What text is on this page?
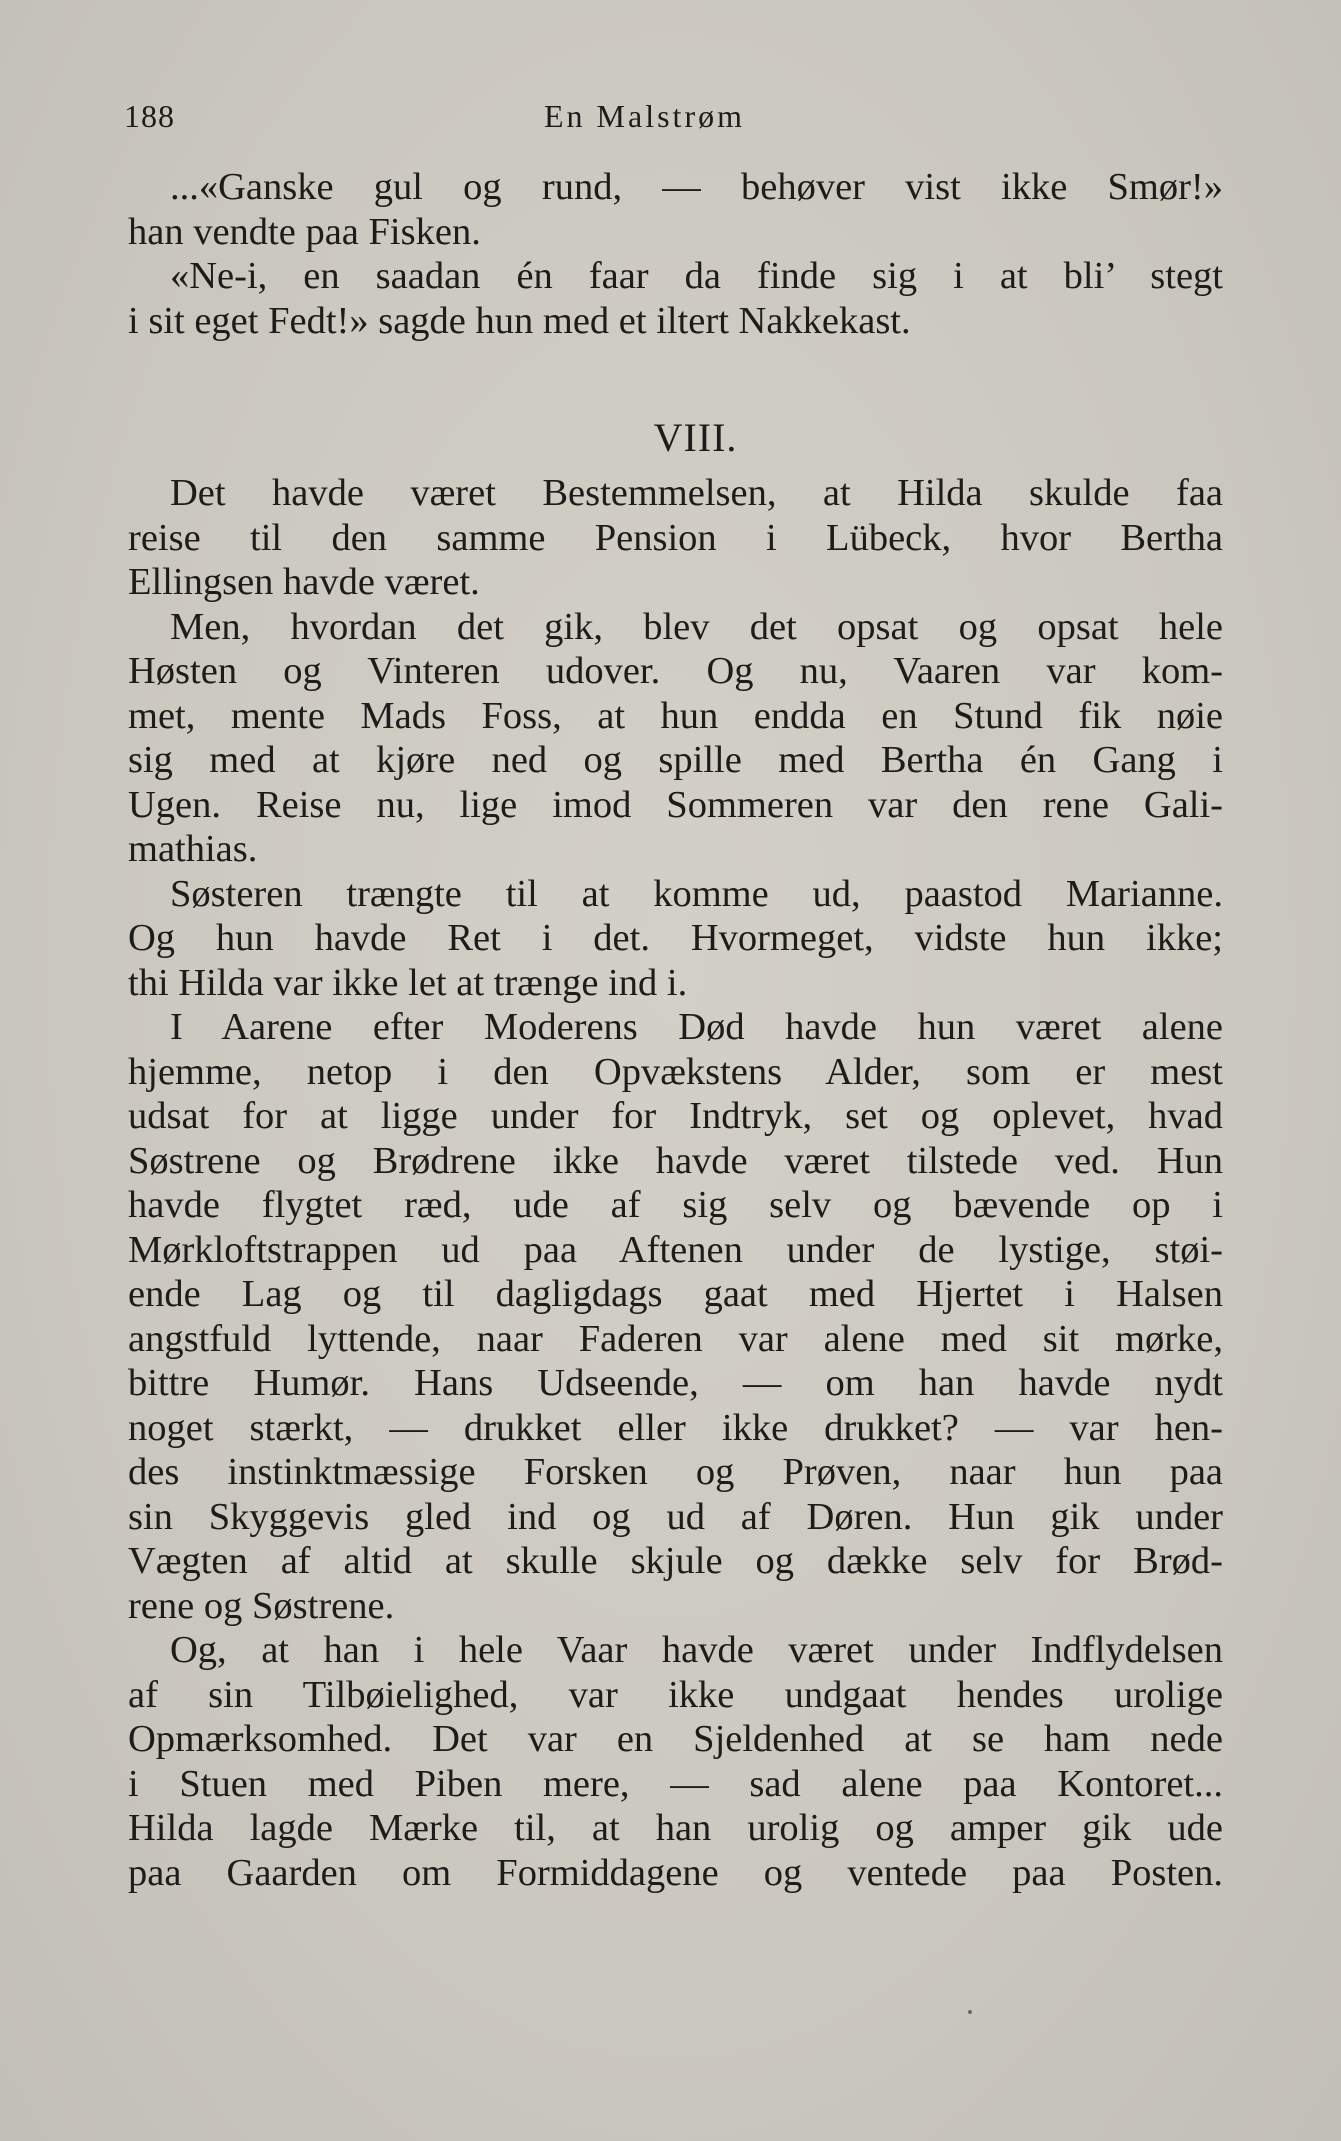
188	En Malstrøm
...«Ganske gul og rund, — behøver vist ikke Smør!»
han vendte paa Fisken.
«Ne-i, en saadan én faar da finde sig i at bli’ stegt
i sit eget Fedt!» sagde hun med et iltert Nakkekast.
VIII.
Det havde været Bestemmelsen, at Hilda skulde faa
reise til den samme Pension i Lübeck, hvor Bertha
Ellingsen havde været.
Men, hvordan det gik, blev det opsat og opsat hele
Høsten og Vinteren udover. Og nu, Vaaren var kom-
met, mente Mads Foss, at hun endda en Stund fik nøie
sig med at kjøre ned og spille med Bertha én Gang i
Ugen. Reise nu, lige imod Sommeren var den rene Gali-
mathias.
Søsteren trængte til at komme ud, paastod Marianne.
Og hun havde Ret i det. Hvormeget, vidste hun ikke;
thi Hilda var ikke let at trænge ind i.
I Aarene efter Moderens Død havde hun været alene
hjemme, netop i den Opvækstens Alder, som er mest
udsat for at ligge under for Indtryk, set og oplevet, hvad
Søstrene og Brødrene ikke havde været tilstede ved. Hun
havde flygtet ræd, ude af sig selv og bævende op i
Mørkloftstrappen ud paa Aftenen under de lystige, støi-
ende Lag og til dagligdags gaat med Hjertet i Halsen
angstfuld lyttende, naar Faderen var alene med sit mørke,
bittre Humør. Hans Udseende, — om han havde nydt
noget stærkt, — drukket eller ikke drukket? — var hen-
des instinktmæssige Forsken og Prøven, naar hun paa
sin Skyggevis gled ind og ud af Døren. Hun gik under
Vægten af altid at skulle skjule og dække selv for Brød-
rene og Søstrene.
Og, at han i hele Vaar havde været under Indflydelsen
af sin Tilbøielighed, var ikke undgaat hendes urolige
Opmærksomhed. Det var en Sjeldenhed at se ham nede
i Stuen med Piben mere, — sad alene paa Kontoret...
Hilda lagde Mærke til, at han urolig og amper gik ude
paa Gaarden om Formiddagene og ventede paa Posten.
